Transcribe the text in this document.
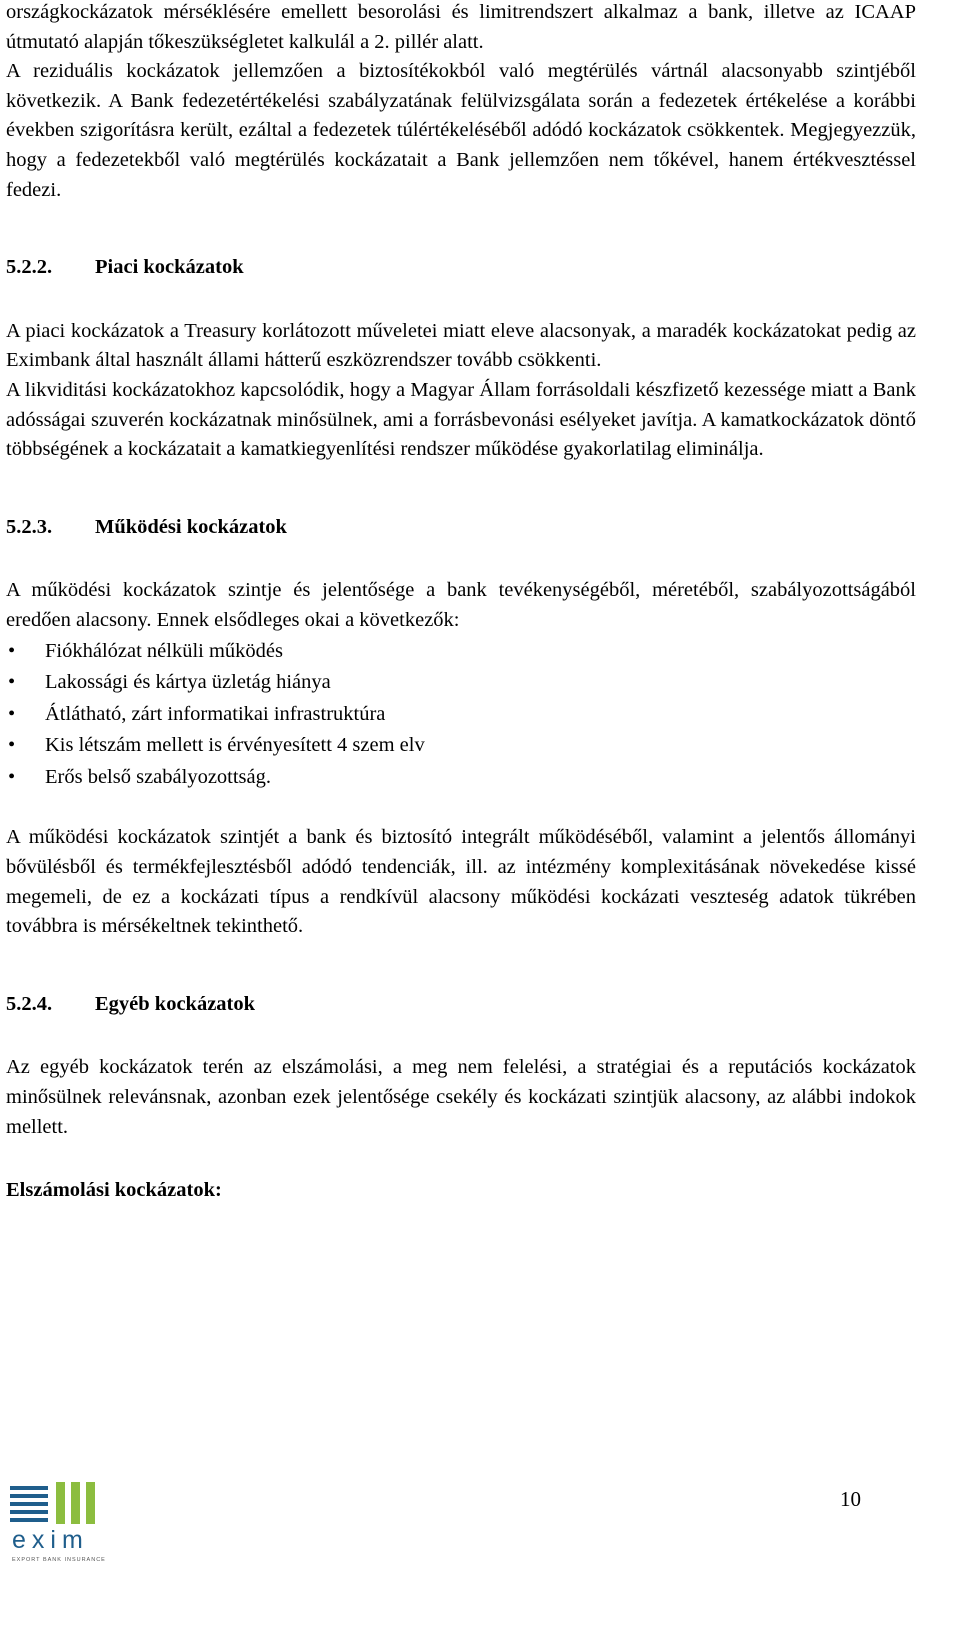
országkockázatok mérséklésére emellett besorolási és limitrendszert alkalmaz a bank, illetve az ICAAP útmutató alapján tőkeszükségletet kalkulál a 2. pillér alatt.

A reziduális kockázatok jellemzően a biztosítékokból való megtérülés vártnál alacsonyabb szintjéből következik. A Bank fedezetértékelési szabályzatának felülvizsgálata során a fedezetek értékelése a korábbi években szigorításra került, ezáltal a fedezetek túlértékeléséből adódó kockázatok csökkentek. Megjegyezzük, hogy a fedezetekből való megtérülés kockázatait a Bank jellemzően nem tőkével, hanem értékvesztéssel fedezi.

5.2.2.	Piaci kockázatok

A piaci kockázatok a Treasury korlátozott műveletei miatt eleve alacsonyak, a maradék kockázatokat pedig az Eximbank által használt állami hátterű eszközrendszer tovább csökkenti.

A likviditási kockázatokhoz kapcsolódik, hogy a Magyar Állam forrásoldali készfizető kezessége miatt a Bank adósságai szuverén kockázatnak minősülnek, ami a forrásbevonási esélyeket javítja. A kamatkockázatok döntő többségének a kockázatait a kamatkiegyenlítési rendszer működése gyakorlatilag eliminálja.

5.2.3.	Működési kockázatok

A működési kockázatok szintje és jelentősége a bank tevékenységéből, méretéből, szabályozottságából eredően alacsony. Ennek elsődleges okai a következők:

•	Fiókhálózat nélküli működés
•	Lakossági és kártya üzletág hiánya
•	Átlátható, zárt informatikai infrastruktúra
•	Kis létszám mellett is érvényesített 4 szem elv
•	Erős belső szabályozottság.

A működési kockázatok szintjét a bank és biztosító integrált működéséből, valamint a jelentős állományi bővülésből és termékfejlesztésből adódó tendenciák, ill. az intézmény komplexitásának növekedése kissé megemeli, de ez a kockázati típus a rendkívül alacsony működési kockázati veszteség adatok tükrében továbbra is mérsékeltnek tekinthető.

5.2.4.	Egyéb kockázatok

Az egyéb kockázatok terén az elszámolási, a meg nem felelési, a stratégiai és a reputációs kockázatok minősülnek relevánsnak, azonban ezek jelentősége csekély és kockázati szintjük alacsony, az alábbi indokok mellett.

Elszámolási kockázatok:
exim
EXPORT BANK INSURANCE
10
